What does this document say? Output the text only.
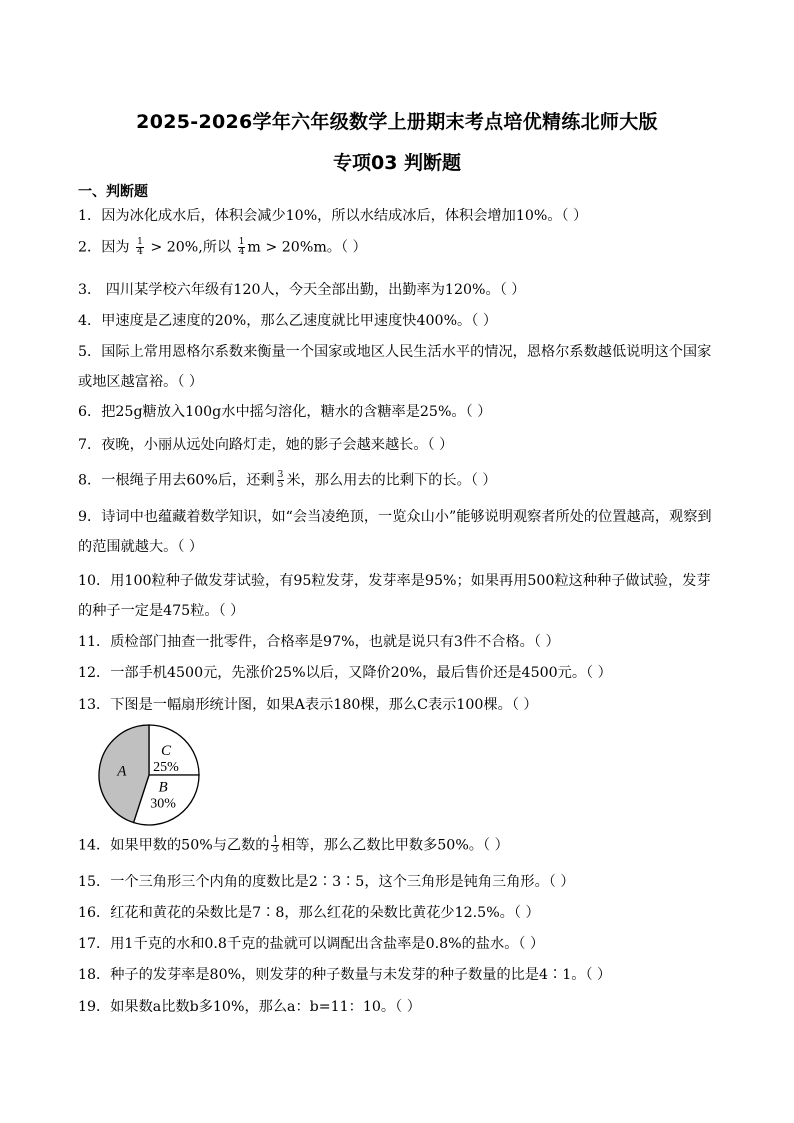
2025-2026学年六年级数学上册期末考点培优精练北师大版
专项03 判断题
一、判断题
1．因为冰化成水后，体积会减少10%，所以水结成冰后，体积会增加10%。（ ）
2．因为 $\frac{1}{4} > 20\%$,所以 $\frac{1}{4}$ m > 20%m。（ ）
3． 四川某学校六年级有120人，今天全部出勤，出勤率为120%。（ ）
4．甲速度是乙速度的20%，那么乙速度就比甲速度快400%。（ ）
5．国际上常用恩格尔系数来衡量一个国家或地区人民生活水平的情况，恩格尔系数越低说明这个国家或地区越富裕。（ ）
6．把25g糖放入100g水中摇匀溶化，糖水的含糖率是25%。（ ）
7．夜晚，小丽从远处向路灯走，她的影子会越来越长。（ ）
8．一根绳子用去60%后，还剩 $\frac{3}{5}$ 米，那么用去的比剩下的长。（ ）
9．诗词中也蕴藏着数学知识，如“会当凌绝顶，一览众山小”能够说明观察者所处的位置越高，观察到的范围就越大。（ ）
10．用100粒种子做发芽试验，有95粒发芽，发芽率是95%；如果再用500粒这种种子做试验，发芽的种子一定是475粒。（ ）
11．质检部门抽查一批零件，合格率是97%，也就是说只有3件不合格。（ ）
12．一部手机4500元，先涨价25%以后，又降价20%，最后售价还是4500元。（ ）
13．下图是一幅扇形统计图，如果A表示180棵，那么C表示100棵。（ ）
C
25%
B
30%
A
14．如果甲数的50%与乙数的 $\frac{1}{3}$ 相等，那么乙数比甲数多50%。（ ）
15．一个三角形三个内角的度数比是2∶3∶5，这个三角形是钝角三角形。（ ）
16．红花和黄花的朵数比是7∶8，那么红花的朵数比黄花少12.5%。（ ）
17．用1千克的水和0.8千克的盐就可以调配出含盐率是0.8%的盐水。（ ）
18．种子的发芽率是80%，则发芽的种子数量与未发芽的种子数量的比是4∶1。（ ）
19．如果数a比数b多10%，那么a：b=11：10。（ ）
